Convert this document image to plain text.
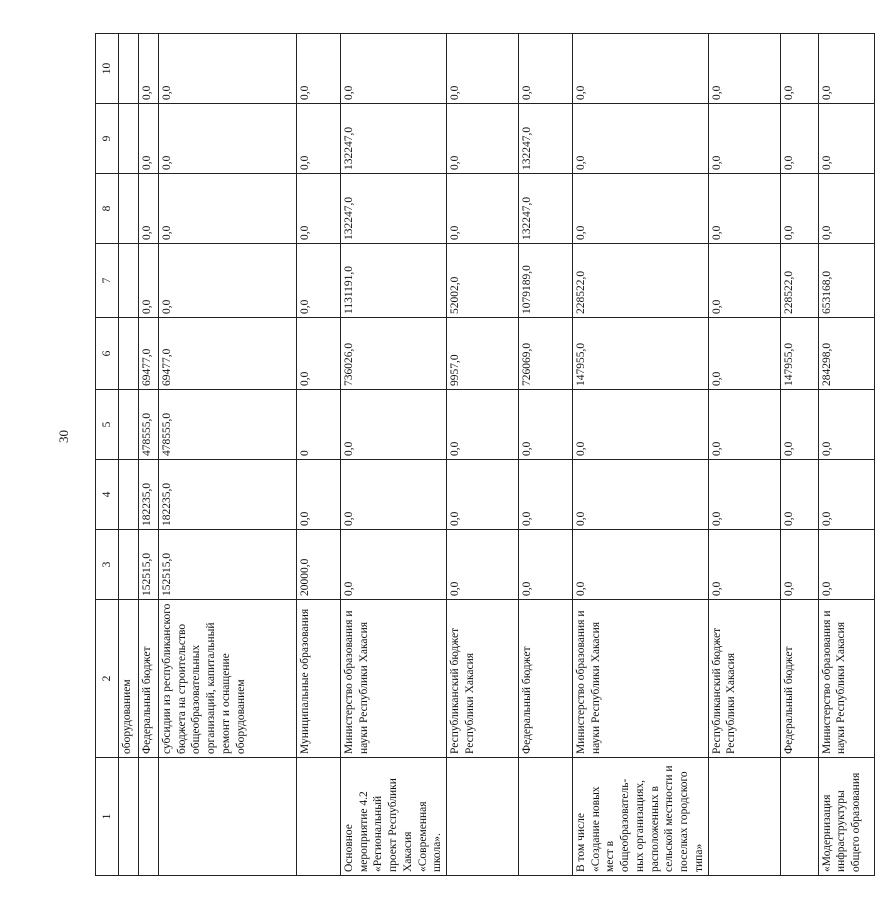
30
1	2	3	4	5	6	7	8	9	10
	оборудованием								
	Федеральный бюджет	152515,0	182235,0	478555,0	69477,0	0,0	0,0	0,0	0,0
	субсидии из республиканского бюджета на строительство общеобразовательных организаций, капитальный ремонт и оснащение оборудованием	152515,0	182235,0	478555,0	69477,0	0,0	0,0	0,0	0,0
	Муниципальные образования	20000,0	0,0	0	0,0	0,0	0,0	0,0	0,0
Основное мероприятие 4.2 «Региональный проект Республики Хакасия «Современная школа».	Министерство образования и науки Республики Хакасия	0,0	0,0	0,0	736026,0	1131191,0	132247,0	132247,0	0,0
	Республиканский бюджет Республики Хакасия	0,0	0,0	0,0	9957,0	52002,0	0,0	0,0	0,0
	Федеральный бюджет	0,0	0,0	0,0	726069,0	1079189,0	132247,0	132247,0	0,0
В том числе «Создание новых мест в общеобразователь-ных организациях, расположенных в сельской местности и поселках городского типа»	Министерство образования и науки Республики Хакасия	0,0	0,0	0,0	147955,0	228522,0	0,0	0,0	0,0
	Республиканский бюджет Республики Хакасия	0,0	0,0	0,0	0,0	0,0	0,0	0,0	0,0
	Федеральный бюджет	0,0	0,0	0,0	147955,0	228522,0	0,0	0,0	0,0
«Модернизация инфраструктуры общего образования	Министерство образования и науки Республики Хакасия	0,0	0,0	0,0	284298,0	653168,0	0,0	0,0	0,0
